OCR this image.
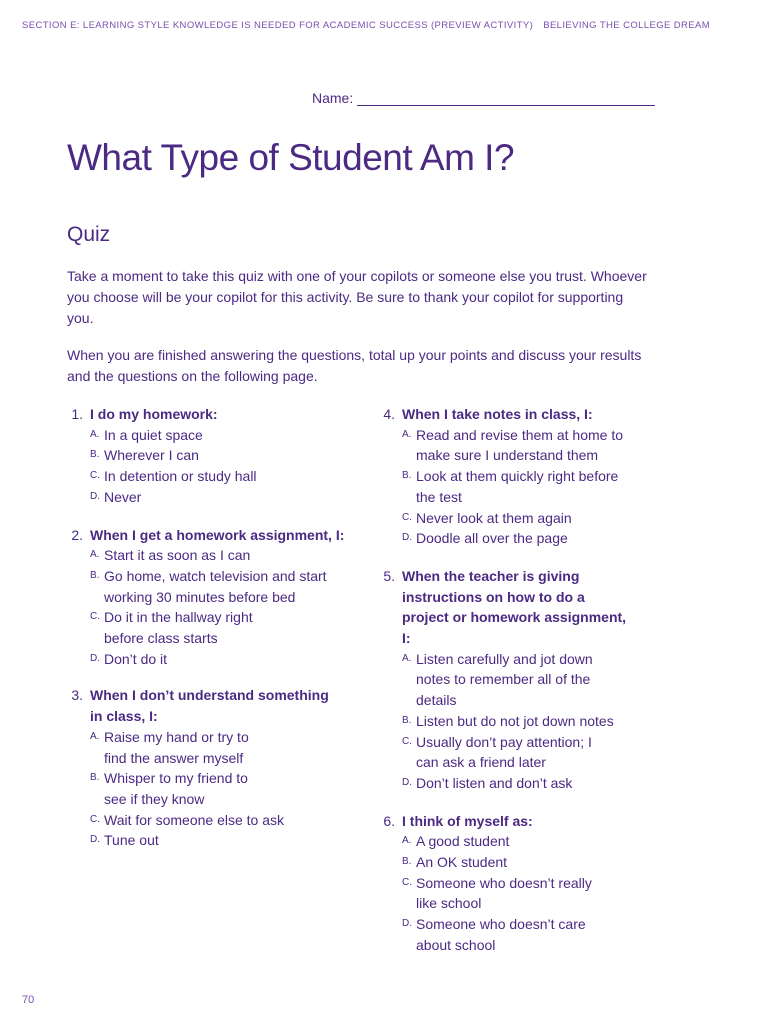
SECTION E: LEARNING STYLE KNOWLEDGE IS NEEDED FOR ACADEMIC SUCCESS (PREVIEW ACTIVITY) BELIEVING THE COLLEGE DREAM
Name:
What Type of Student Am I?
Quiz

Take a moment to take this quiz with one of your copilots or someone else you trust. Whoever you choose will be your copilot for this activity. Be sure to thank your copilot for supporting you.

When you are finished answering the questions, total up your points and discuss your results and the questions on the following page.

1. I do my homework:
A. In a quiet space
B. Wherever I can
C. In detention or study hall
D. Never
2. When I get a homework assignment, I:
A. Start it as soon as I can
B. Go home, watch television and start working 30 minutes before bed
C. Do it in the hallway right before class starts
D. Don’t do it
3. When I don’t understand something in class, I:
A. Raise my hand or try to find the answer myself
B. Whisper to my friend to see if they know
C. Wait for someone else to ask
D. Tune out
4. When I take notes in class, I:
A. Read and revise them at home to make sure I understand them
B. Look at them quickly right before the test
C. Never look at them again
D. Doodle all over the page
5. When the teacher is giving instructions on how to do a project or homework assignment, I:
A. Listen carefully and jot down notes to remember all of the details
B. Listen but do not jot down notes
C. Usually don’t pay attention; I can ask a friend later
D. Don’t listen and don’t ask
6. I think of myself as:
A. A good student
B. An OK student
C. Someone who doesn’t really like school
D. Someone who doesn’t care about school
70
